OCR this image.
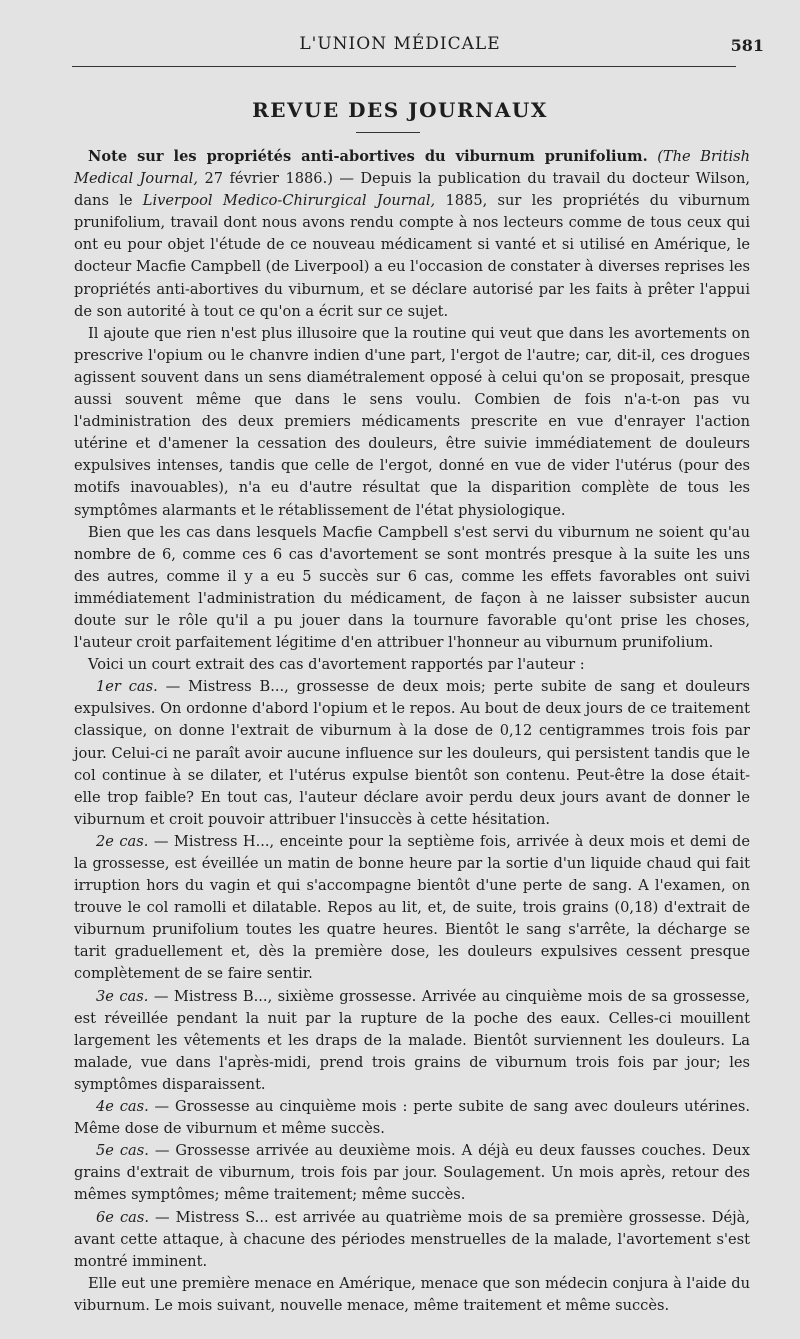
L'UNION MÉDICALE	581
REVUE DES JOURNAUX

Note sur les propriétés anti-abortives du viburnum prunifolium. (The British Medical Journal, 27 février 1886.) — Depuis la publication du travail du docteur Wilson, dans le Liverpool Medico-Chirurgical Journal, 1885, sur les propriétés du viburnum prunifolium, travail dont nous avons rendu compte à nos lecteurs comme de tous ceux qui ont eu pour objet l'étude de ce nouveau médicament si vanté et si utilisé en Amérique, le docteur Macfie Campbell (de Liverpool) a eu l'occasion de constater à diverses reprises les propriétés anti-abortives du viburnum, et se déclare autorisé par les faits à prêter l'appui de son autorité à tout ce qu'on a écrit sur ce sujet.

Il ajoute que rien n'est plus illusoire que la routine qui veut que dans les avortements on prescrive l'opium ou le chanvre indien d'une part, l'ergot de l'autre; car, dit-il, ces drogues agissent souvent dans un sens diamétralement opposé à celui qu'on se proposait, presque aussi souvent même que dans le sens voulu. Combien de fois n'a-t-on pas vu l'administration des deux premiers médicaments prescrite en vue d'enrayer l'action utérine et d'amener la cessation des douleurs, être suivie immédiatement de douleurs expulsives intenses, tandis que celle de l'ergot, donné en vue de vider l'utérus (pour des motifs inavouables), n'a eu d'autre résultat que la disparition complète de tous les symptômes alarmants et le rétablissement de l'état physiologique.

Bien que les cas dans lesquels Macfie Campbell s'est servi du viburnum ne soient qu'au nombre de 6, comme ces 6 cas d'avortement se sont montrés presque à la suite les uns des autres, comme il y a eu 5 succès sur 6 cas, comme les effets favorables ont suivi immédiatement l'administration du médicament, de façon à ne laisser subsister aucun doute sur le rôle qu'il a pu jouer dans la tournure favorable qu'ont prise les choses, l'auteur croit parfaitement légitime d'en attribuer l'honneur au viburnum prunifolium.

Voici un court extrait des cas d'avortement rapportés par l'auteur :

1er cas. — Mistress B..., grossesse de deux mois; perte subite de sang et douleurs expulsives. On ordonne d'abord l'opium et le repos. Au bout de deux jours de ce traitement classique, on donne l'extrait de viburnum à la dose de 0,12 centigrammes trois fois par jour. Celui-ci ne paraît avoir aucune influence sur les douleurs, qui persistent tandis que le col continue à se dilater, et l'utérus expulse bientôt son contenu. Peut-être la dose était-elle trop faible? En tout cas, l'auteur déclare avoir perdu deux jours avant de donner le viburnum et croit pouvoir attribuer l'insuccès à cette hésitation.

2e cas. — Mistress H..., enceinte pour la septième fois, arrivée à deux mois et demi de la grossesse, est éveillée un matin de bonne heure par la sortie d'un liquide chaud qui fait irruption hors du vagin et qui s'accompagne bientôt d'une perte de sang. A l'examen, on trouve le col ramolli et dilatable. Repos au lit, et, de suite, trois grains (0,18) d'extrait de viburnum prunifolium toutes les quatre heures. Bientôt le sang s'arrête, la décharge se tarit graduellement et, dès la première dose, les douleurs expulsives cessent presque complètement de se faire sentir.

3e cas. — Mistress B..., sixième grossesse. Arrivée au cinquième mois de sa grossesse, est réveillée pendant la nuit par la rupture de la poche des eaux. Celles-ci mouillent largement les vêtements et les draps de la malade. Bientôt surviennent les douleurs. La malade, vue dans l'après-midi, prend trois grains de viburnum trois fois par jour; les symptômes disparaissent.

4e cas. — Grossesse au cinquième mois : perte subite de sang avec douleurs utérines. Même dose de viburnum et même succès.

5e cas. — Grossesse arrivée au deuxième mois. A déjà eu deux fausses couches. Deux grains d'extrait de viburnum, trois fois par jour. Soulagement. Un mois après, retour des mêmes symptômes; même traitement; même succès.

6e cas. — Mistress S... est arrivée au quatrième mois de sa première grossesse. Déjà, avant cette attaque, à chacune des périodes menstruelles de la malade, l'avortement s'est montré imminent.

Elle eut une première menace en Amérique, menace que son médecin conjura à l'aide du viburnum. Le mois suivant, nouvelle menace, même traitement et même succès.
